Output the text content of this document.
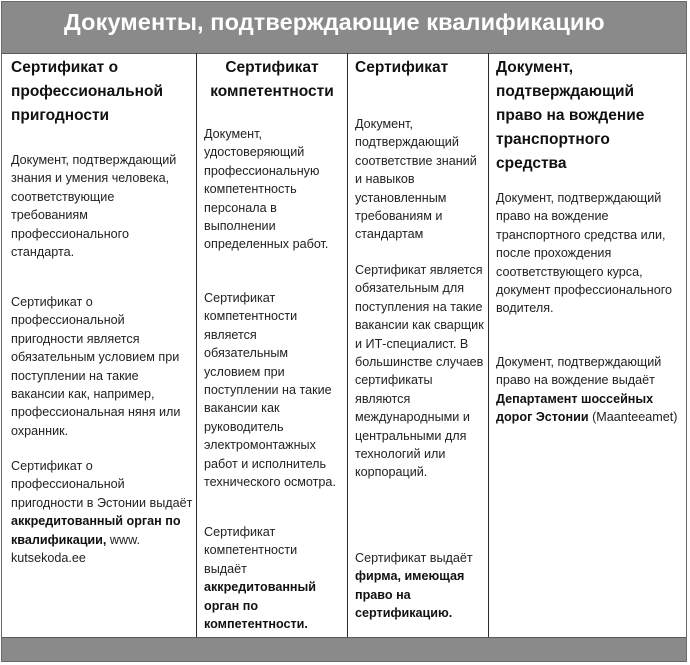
Документы, подтверждающие квалификацию
Сертификат о профессиональной пригодности

Документ, подтверждающий знания и умения человека, соответствующие требованиям профессионального стандарта.

Сертификат о профессиональной пригодности является обязательным условием при поступлении на такие вакансии как, например, профессиональная няня или охранник.

Сертификат о профессиональной пригодности в Эстонии выдаёт аккредитованный орган по квалификации, www. kutsekoda.ee

Сертификат компетентности

Документ, удостоверяющий профессиональную компетентность персонала в выполнении определенных работ.

Сертификат компетентности является обязательным условием при поступлении на такие вакансии как руководитель электромонтажных работ и исполнитель технического осмотра.

Сертификат компетентности выдаёт аккредитованный орган по компетентности.

Сертификат

Документ, подтверждающий соответствие знаний и навыков установленным требованиям и стандартам

Сертификат является обязательным для поступления на такие вакансии как сварщик и ИТ-специалист. В большинстве случаев сертификаты являются международными и центральными для технологий или корпораций.

Сертификат выдаёт фирма, имеющая право на сертификацию.

Документ, подтверждающий право на вождение транспортного средства

Документ, подтверждающий право на вождение транспортного средства или, после прохождения соответствующего курса, документ профессионального водителя.

Документ, подтверждающий право на вождение выдаёт Департамент шоссейных дорог Эстонии (Maanteeamet)
